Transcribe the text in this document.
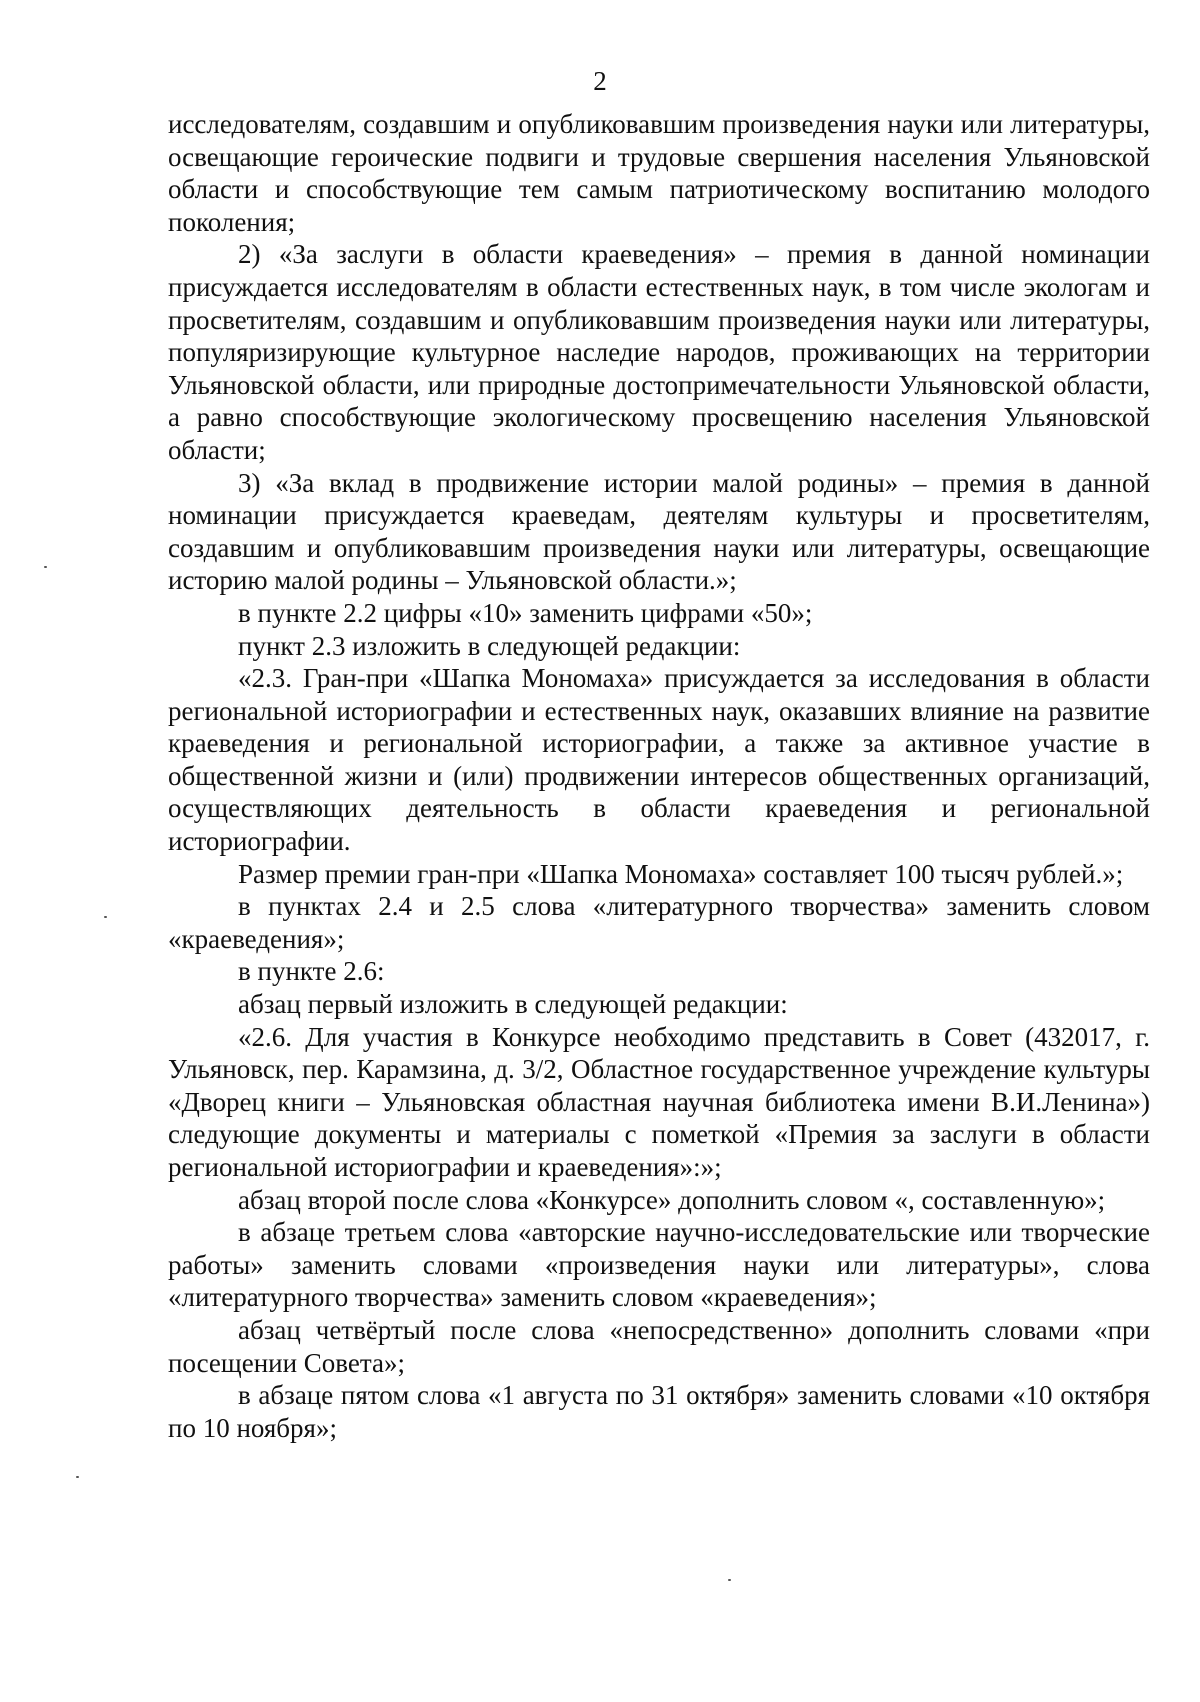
2

исследователям, создавшим и опубликовавшим произведения науки или литературы, освещающие героические подвиги и трудовые свершения населения Ульяновской области и способствующие тем самым патриотическому воспитанию молодого поколения;

2) «За заслуги в области краеведения» – премия в данной номинации присуждается исследователям в области естественных наук, в том числе экологам и просветителям, создавшим и опубликовавшим произведения науки или литературы, популяризирующие культурное наследие народов, проживающих на территории Ульяновской области, или природные достопримечательности Ульяновской области, а равно способствующие экологическому просвещению населения Ульяновской области;

3) «За вклад в продвижение истории малой родины» – премия в данной номинации присуждается краеведам, деятелям культуры и просветителям, создавшим и опубликовавшим произведения науки или литературы, освещающие историю малой родины – Ульяновской области.»;

в пункте 2.2 цифры «10» заменить цифрами «50»;

пункт 2.3 изложить в следующей редакции:

«2.3. Гран-при «Шапка Мономаха» присуждается за исследования в области региональной историографии и естественных наук, оказавших влияние на развитие краеведения и региональной историографии, а также за активное участие в общественной жизни и (или) продвижении интересов общественных организаций, осуществляющих деятельность в области краеведения и региональной историографии.

Размер премии гран-при «Шапка Мономаха» составляет 100 тысяч рублей.»;

в пунктах 2.4 и 2.5 слова «литературного творчества» заменить словом «краеведения»;

в пункте 2.6:

абзац первый изложить в следующей редакции:

«2.6. Для участия в Конкурсе необходимо представить в Совет (432017, г. Ульяновск, пер. Карамзина, д. 3/2, Областное государственное учреждение культуры «Дворец книги – Ульяновская областная научная библиотека имени В.И.Ленина») следующие документы и материалы с пометкой «Премия за заслуги в области региональной историографии и краеведения»:»;

абзац второй после слова «Конкурсе» дополнить словом «, составленную»;

в абзаце третьем слова «авторские научно-исследовательские или творческие работы» заменить словами «произведения науки или литературы», слова «литературного творчества» заменить словом «краеведения»;

абзац четвёртый после слова «непосредственно» дополнить словами «при посещении Совета»;

в абзаце пятом слова «1 августа по 31 октября» заменить словами «10 октября по 10 ноября»;
